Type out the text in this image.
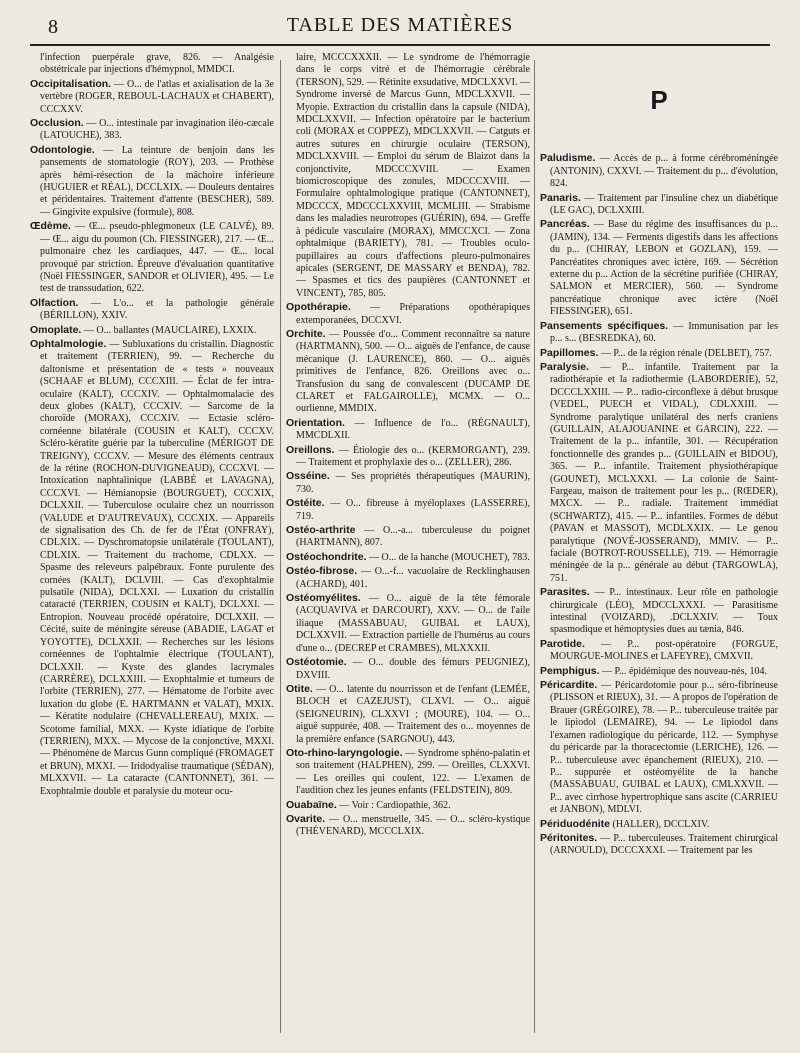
8	TABLE DES MATIÈRES

l'infection puerpérale grave, 826. — Analgésie obstétricale par injections d'hémypnol, MMDCI.

Occipitalisation. — O... de l'atlas et axialisation de la 3e vertèbre (ROGER, REBOUL-LACHAUX et CHABERT), CCCXXV.

Occlusion. — O... intestinale par invagination iléo-cæcale (LATOUCHE), 383.

Odontologie. — La teinture de benjoin dans les pansements de stomatologie (ROY), 203. — Prothèse après hémi-résection de la mâchoire inférieure (HUGUIER et RÉAL), DCCLXIX. — Douleurs dentaires et péridentaires. Traitement d'attente (BESCHER), 589. — Gingivite expulsive (formule), 808.

Œdème. — Œ... pseudo-phlegmoneux (LE CALVÉ), 89. — Œ... aigu du poumon (Ch. FIESSINGER), 217. — Œ... pulmonaire chez les cardiaques, 447. — Œ... local provoqué par striction. Épreuve d'évaluation quantitative (Noël FIESSINGER, SANDOR et OLIVIER), 495. — Le test de transsudation, 622.

Olfaction. — L'o... et la pathologie générale (BÉRILLON), XXIV.

Omoplate. — O... ballantes (MAUCLAIRE), LXXIX.

Ophtalmologie. — Subluxations du cristallin. Diagnostic et traitement (TERRIEN), 99. — Recherche du daltonisme et présentation de « tests » nouveaux (SCHAAF et BLUM), CCCXIII. — Éclat de fer intra-oculaire (KALT), CCCXIV. — Ophtalmomalacie des deux globes (KALT), CCCXIV. — Sarcome de la choroïde (MORAX), CCCXIV. — Ectasie scléro-cornéenne bilatérale (COUSIN et KALT), CCCXV. Scléro-kératite guérie par la tuberculine (MÉRIGOT DE TREIGNY), CCCXV. — Mesure des éléments centraux de la rétine (ROCHON-DUVIGNEAUD), CCCXVI. — Intoxication naphtalinique (LABBÉ et LAVAGNA), CCCXVI. — Hémianopsie (BOURGUET), CCCXIX, DCLXXII. — Tuberculose oculaire chez un nourrisson (VALUDE et D'AUTREVAUX), CCCXIX. — Appareils de signalisation des Ch. de fer de l'État (ONFRAY), CDLXIX. — Dyschromatopsie unilatérale (TOULANT), CDLXIX. — Traitement du trachome, CDLXX. — Spasme des releveurs palpébraux. Fonte purulente des cornées (KALT), DCLVIII. — Cas d'exophtalmie pulsatile (NIDA), DCLXXI. — Luxation du cristallin cataracté (TERRIEN, COUSIN et KALT), DCLXXI. — Entropion. Nouveau procédé opératoire, DCLXXII. — Cécité, suite de méningite séreuse (ABADIE, LAGAT et YOYOTTE), DCLXXII. — Recherches sur les lésions cornéennes de l'ophtalmie électrique (TOULANT), DCLXXII. — Kyste des glandes lacrymales (CARRÈRE), DCLXXIII. — Exophtalmie et tumeurs de l'orbite (TERRIEN), 277. — Hématome de l'orbite avec luxation du globe (E. HARTMANN et VALAT), MXIX. — Kératite nodulaire (CHEVALLEREAU), MXIX. — Scotome familial, MXX. — Kyste idiatique de l'orbite (TERRIEN), MXX. — Mycose de la conjonctive, MXXI. — Phénomène de Marcus Gunn compliqué (FROMAGET et BRUN), MXXI. — Iridodyalise traumatique (SÉDAN), MLXXVII. — La cataracte (CANTONNET), 361. — Exophtalmie double et paralysie du moteur ocu-

laire, MCCCXXXII. — Le syndrome de l'hémorragie dans le corps vitré et de l'hémorragie cérébrale (TERSON), 529. — Rétinite exsudative, MDCLXXVI. — Syndrome inversé de Marcus Gunn, MDCLXXVII. — Myopie. Extraction du cristallin dans la capsule (NIDA), MDCLXXVII. — Infection opératoire par le bacterium coli (MORAX et COPPEZ), MDCLXXVII. — Catguts et autres sutures en chirurgie oculaire (TERSON), MDCLXXVIII. — Emploi du sérum de Blaizot dans la conjonctivite, MDCCCXVIII. — Examen biomicroscopique des zonules, MDCCCXVIII. — Formulaire ophtalmologique pratique (CANTONNET), MDCCCX, MDCCCLXXVIII, MCMLIII. — Strabisme dans les maladies neurotropes (GUÉRIN), 694. — Greffe à pédicule vasculaire (MORAX), MMCCXCI. — Zona ophtalmique (BARIETY), 781. — Troubles oculo-pupillaires au cours d'affections pleuro-pulmonaires apicales (SERGENT, DE MASSARY et BENDA), 782. — Spasmes et tics des paupières (CANTONNET et VINCENT), 785, 805.

Opothérapie. — Préparations opothérapiques extemporanées, DCCXVI.

Orchite. — Poussée d'o... Comment reconnaître sa nature (HARTMANN), 500. — O... aiguës de l'enfance, de cause mécanique (J. LAURENCE), 860. — O... aiguës primitives de l'enfance, 826. Oreillons avec o... Transfusion du sang de convalescent (DUCAMP DE CLARET et FALGAIROLLE), MCMX. — O... ourlienne, MMDIX.

Orientation. — Influence de l'o... (RÉGNAULT), MMCDLXII.

Oreillons. — Étiologie des o... (KERMORGANT), 239. — Traitement et prophylaxie des o... (ZELLER), 286.

Osséine. — Ses propriétés thérapeutiques (MAURIN), 730.

Ostéite. — O... fibreuse à myéloplaxes (LASSERRE), 719.

Ostéo-arthrite — O...-a... tuberculeuse du poignet (HARTMANN), 807.

Ostéochondrite. — O... de la hanche (MOUCHET), 783.

Ostéo-fibrose. — O...-f... vacuolaire de Recklinghausen (ACHARD), 401.

Ostéomyélites. — O... aiguë de la tête fémorale (ACQUAVIVA et DARCOURT), XXV. — O... de l'aile iliaque (MASSABUAU, GUIBAL et LAUX), DCLXXVII. — Extraction partielle de l'humérus au cours d'une o... (DECREP et CRAMBES), MLXXXII.

Ostéotomie. — O... double des fémurs PEUGNIEZ), DXVIII.

Otite. — O... latente du nourrisson et de l'enfant (LEMÉE, BLOCH et CAZEJUST), CLXVI. — O... aiguë (SEIGNEURIN), CLXXVI ; (MOURE), 104. — O... aiguë suppurée, 408. — Traitement des o... moyennes de la première enfance (SARGNOU), 443.

Oto-rhino-laryngologie. — Syndrome sphéno-palatin et son traitement (HALPHEN), 299. — Oreilles, CLXXVI. — Les oreilles qui coulent, 122. — L'examen de l'audition chez les jeunes enfants (FELDSTEIN), 809.

Ouabaïne. — Voir : Cardiopathie, 362.

Ovarite. — O... menstruelle, 345. — O... scléro-kystique (THÉVENARD), MCCCLXIX.

P

Paludisme. — Accès de p... à forme cérébroméningée (ANTONIN), CXXVI. — Traitement du p... d'évolution, 824.

Panaris. — Traitement par l'insuline chez un diabétique (LE GAC), DCLXXIII.

Pancréas. — Base du régime des insuffisances du p... (JAMIN), 134. — Ferments digestifs dans les affections du p... (CHIRAY, LEBON et GOZLAN), 159. — Pancréatites chroniques avec ictère, 169. — Sécrétion externe du p... Action de la sécrétine purifiée (CHIRAY, SALMON et MERCIER), 560. — Syndrome pancréatique chronique avec ictère (Noël FIESSINGER), 651.

Pansements spécifiques. — Immunisation par les p... s... (BESREDKA), 60.

Papillomes. — P... de la région rénale (DELBET), 757.

Paralysie. — P... infantile. Traitement par la radiothérapie et la radiothermie (LABORDERIE), 52, DCCCLXXIII. — P... radio-circonflexe à début brusque (VEDEL, PUECH et VIDAL), CDLXXIII. — Syndrome paralytique unilatéral des nerfs craniens (GUILLAIN, ALAJOUANINE et GARCIN), 222. — Traitement de la p... infantile, 301. — Récupération fonctionnelle des grandes p... (GUILLAIN et BIDOU), 365. — P... infantile. Traitement physiothérapique (GOUNET), MCLXXXI. — La colonie de Saint-Fargeau, maison de traitement pour les p... (RŒDER), MXCX. — P... radiale. Traitement immédiat (SCHWARTZ), 415. — P... infantiles. Formes de début (PAVAN et MASSOT), MCDLXXIX. — Le genou paralytique (NOVÉ-JOSSERAND), MMIV. — P... faciale (BOTROT-ROUSSELLE), 719. — Hémorragie méningée de la p... générale au début (TARGOWLA), 751.

Parasites. — P... intestinaux. Leur rôle en pathologie chirurgicale (LÉO), MDCCLXXXI. — Parasitisme intestinal (VOIZARD), .DCLXXIV. — Toux spasmodique et hémoptysies dues au tænia, 846.

Parotide. — P... post-opératoire (FORGUE, MOURGUE-MOLINES et LAFEYRE), CMXVII.

Pemphigus. — P... épidémique des nouveau-nés, 104.

Péricardite. — Péricardotomie pour p... séro-fibrineuse (PLISSON et RIEUX), 31. — A propos de l'opération de Brauer (GRÉGOIRE), 78. — P... tuberculeuse traitée par le lipiodol (LEMAIRE), 94. — Le lipiodol dans l'examen radiologique du péricarde, 112. — Symphyse du péricarde par la thoracectomie (LERICHE), 126. — P... tuberculeuse avec épanchement (RIEUX), 210. — P... suppurée et ostéomyélite de la hanche (MASSABUAU, GUIBAL et LAUX), CMLXXVII. — P... avec cirrhose hypertrophique sans ascite (CARRIEU et JANBON), MDLVI.

Périduodénite (HALLER), DCCLXIV.

Péritonites. — P... tuberculeuses. Traitement chirurgical (ARNOULD), DCCCXXXI. — Traitement par les
